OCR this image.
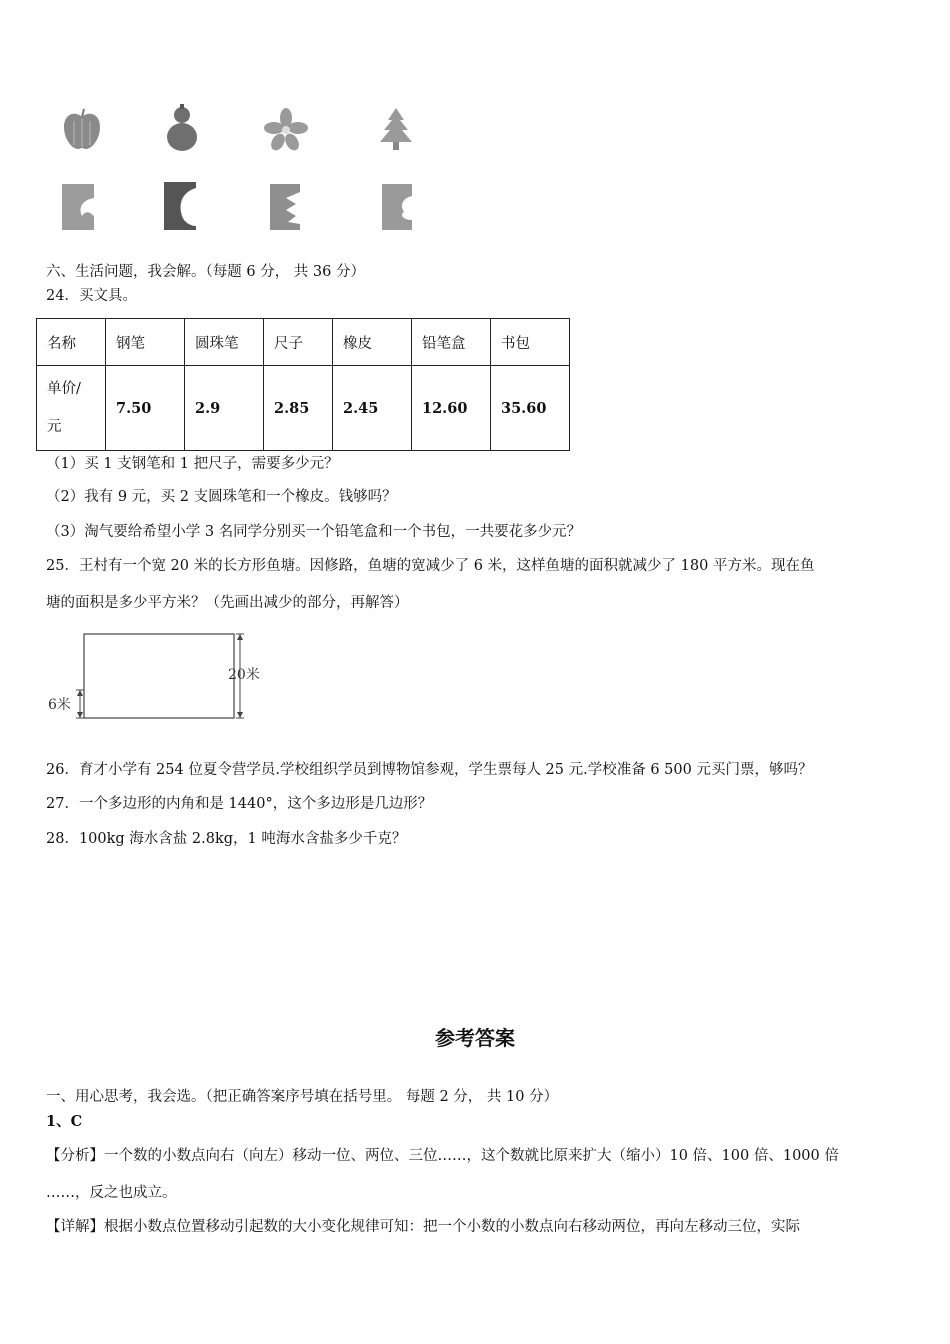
六、生活问题，我会解。（每题 6 分， 共 36 分）
24．买文具。
名称	钢笔	圆珠笔	尺子	橡皮	铅笔盒	书包

单价/
元	7.50	2.9	2.85	2.45	12.60	35.60
（1）买 1 支钢笔和 1 把尺子，需要多少元？
（2）我有 9 元，买 2 支圆珠笔和一个橡皮。钱够吗？
（3）淘气要给希望小学 3 名同学分别买一个铅笔盒和一个书包，一共要花多少元？
25．王村有一个宽 20 米的长方形鱼塘。因修路，鱼塘的宽减少了 6 米，这样鱼塘的面积就减少了 180 平方米。现在鱼
塘的面积是多少平方米？（先画出减少的部分，再解答）
20米
6米
26．育才小学有 254 位夏令营学员.学校组织学员到博物馆参观，学生票每人 25 元.学校准备 6 500 元买门票，够吗？
27．一个多边形的内角和是 1440°，这个多边形是几边形？
28．100kg 海水含盐 2.8kg，1 吨海水含盐多少千克？
参考答案
一、用心思考，我会选。（把正确答案序号填在括号里。 每题 2 分， 共 10 分）
1、C
【分析】一个数的小数点向右（向左）移动一位、两位、三位……，这个数就比原来扩大（缩小）10 倍、100 倍、1000 倍
……，反之也成立。
【详解】根据小数点位置移动引起数的大小变化规律可知：把一个小数的小数点向右移动两位，再向左移动三位，实际
